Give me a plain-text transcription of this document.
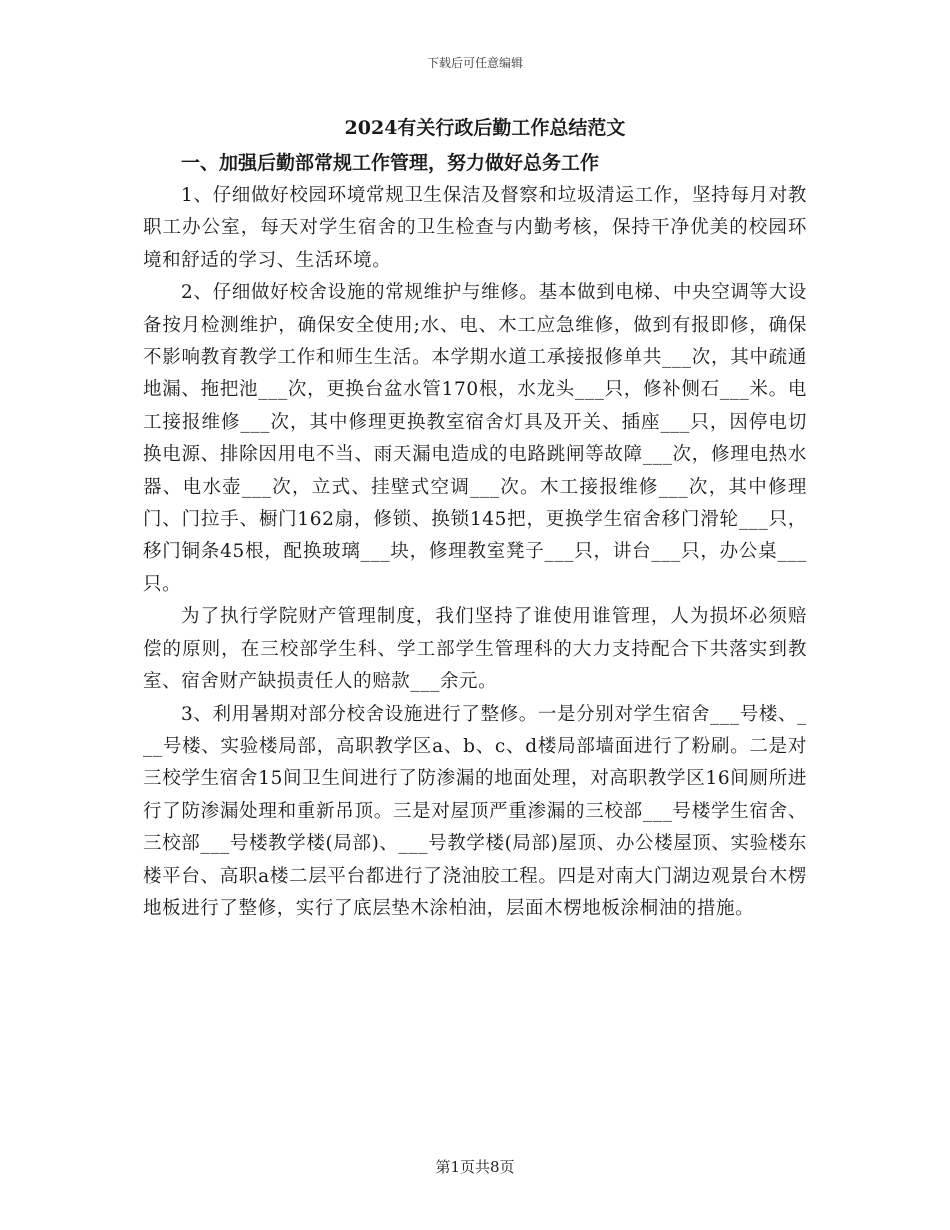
下载后可任意编辑
2024有关行政后勤工作总结范文
一、加强后勤部常规工作管理，努力做好总务工作

1、仔细做好校园环境常规卫生保洁及督察和垃圾清运工作，坚持每月对教职工办公室，每天对学生宿舍的卫生检查与内勤考核，保持干净优美的校园环境和舒适的学习、生活环境。

2、仔细做好校舍设施的常规维护与维修。基本做到电梯、中央空调等大设备按月检测维护，确保安全使用;水、电、木工应急维修，做到有报即修，确保不影响教育教学工作和师生生活。本学期水道工承接报修单共___次，其中疏通地漏、拖把池___次，更换台盆水管170根，水龙头___只，修补侧石___米。电工接报维修___次，其中修理更换教室宿舍灯具及开关、插座___只，因停电切换电源、排除因用电不当、雨天漏电造成的电路跳闸等故障___次，修理电热水器、电水壶___次，立式、挂壁式空调___次。木工接报维修___次，其中修理门、门拉手、橱门162扇，修锁、换锁145把，更换学生宿舍移门滑轮___只，移门铜条45根，配换玻璃___块，修理教室凳子___只，讲台___只，办公桌___只。

为了执行学院财产管理制度，我们坚持了谁使用谁管理，人为损坏必须赔偿的原则，在三校部学生科、学工部学生管理科的大力支持配合下共落实到教室、宿舍财产缺损责任人的赔款___余元。

3、利用暑期对部分校舍设施进行了整修。一是分别对学生宿舍___号楼、___号楼、实验楼局部，高职教学区a、b、c、d楼局部墙面进行了粉刷。二是对三校学生宿舍15间卫生间进行了防渗漏的地面处理，对高职教学区16间厕所进行了防渗漏处理和重新吊顶。三是对屋顶严重渗漏的三校部___号楼学生宿舍、三校部___号楼教学楼(局部)、___号教学楼(局部)屋顶、办公楼屋顶、实验楼东楼平台、高职a楼二层平台都进行了浇油胶工程。四是对南大门湖边观景台木楞地板进行了整修，实行了底层垫木涂柏油，层面木楞地板涂桐油的措施。

第1页共8页
